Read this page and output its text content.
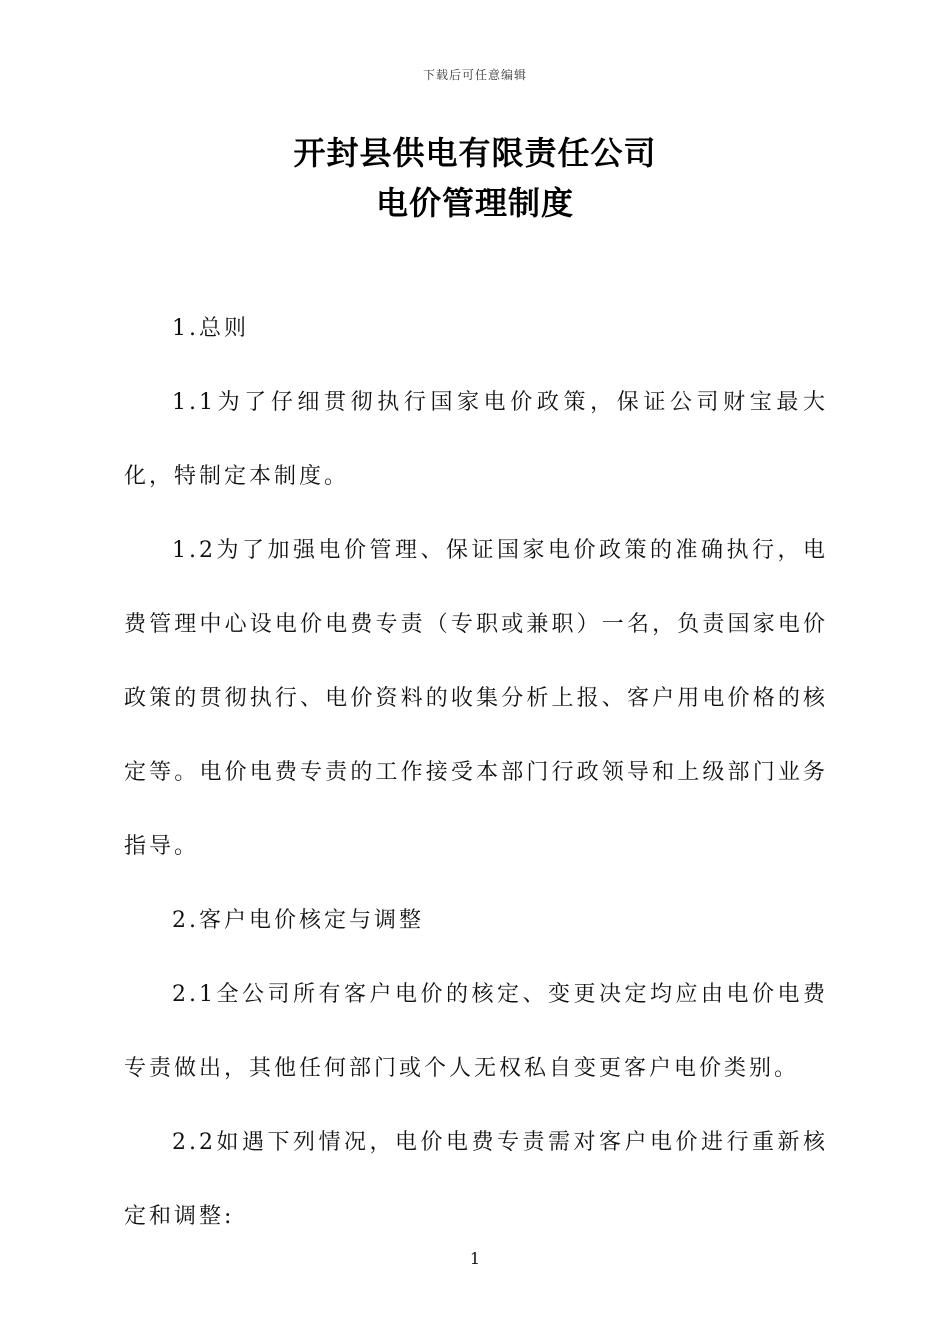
下载后可任意编辑
开封县供电有限责任公司
电价管理制度

1.总则

1.1为了仔细贯彻执行国家电价政策，保证公司财宝最大化，特制定本制度。

1.2为了加强电价管理、保证国家电价政策的准确执行，电费管理中心设电价电费专责（专职或兼职）一名，负责国家电价政策的贯彻执行、电价资料的收集分析上报、客户用电价格的核定等。电价电费专责的工作接受本部门行政领导和上级部门业务指导。

2.客户电价核定与调整

2.1全公司所有客户电价的核定、变更决定均应由电价电费专责做出，其他任何部门或个人无权私自变更客户电价类别。

2.2如遇下列情况，电价电费专责需对客户电价进行重新核定和调整:

1
